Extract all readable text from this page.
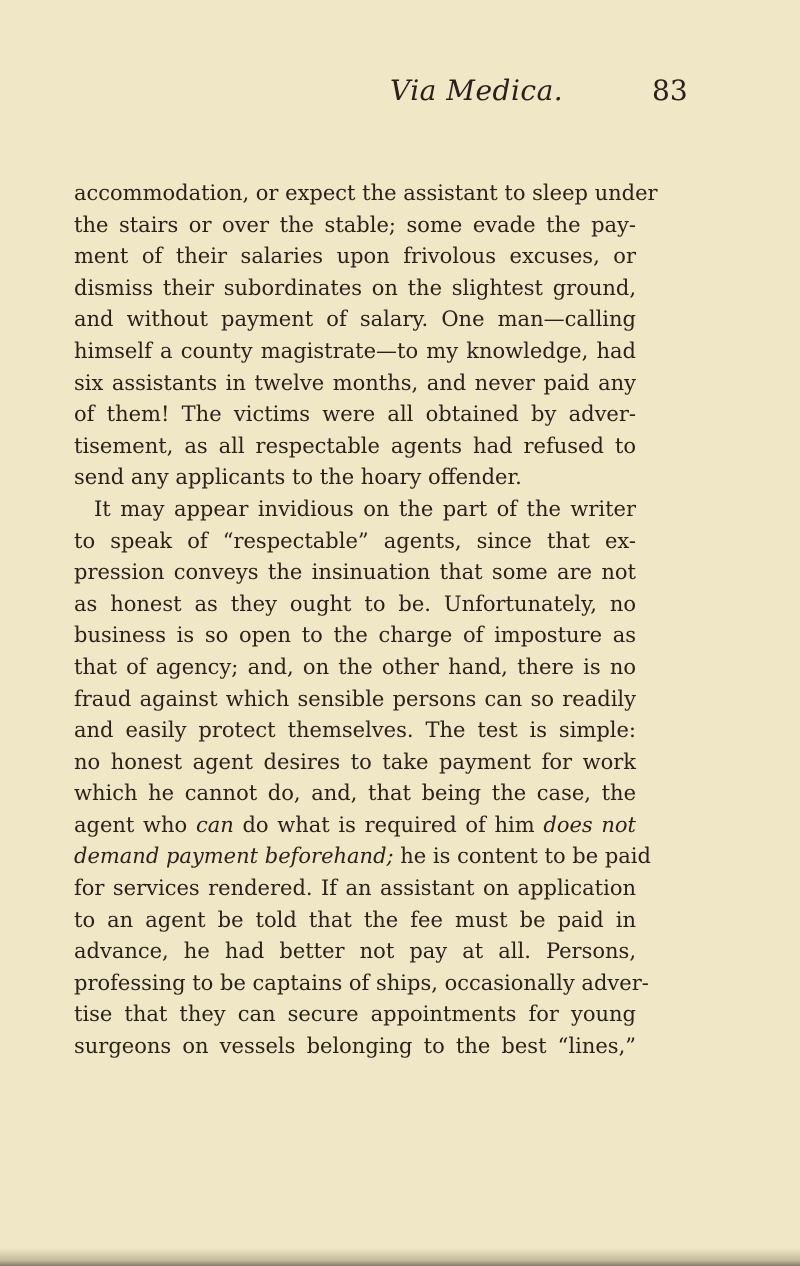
Via Medica.	83
accommodation, or expect the assistant to sleep under
the stairs or over the stable; some evade the pay-
ment of their salaries upon frivolous excuses, or
dismiss their subordinates on the slightest ground,
and without payment of salary. One man—calling
himself a county magistrate—to my knowledge, had
six assistants in twelve months, and never paid any
of them! The victims were all obtained by adver-
tisement, as all respectable agents had refused to
send any applicants to the hoary offender.
It may appear invidious on the part of the writer
to speak of “respectable” agents, since that ex-
pression conveys the insinuation that some are not
as honest as they ought to be. Unfortunately, no
business is so open to the charge of imposture as
that of agency; and, on the other hand, there is no
fraud against which sensible persons can so readily
and easily protect themselves. The test is simple:
no honest agent desires to take payment for work
which he cannot do, and, that being the case, the
agent who can do what is required of him does not
demand payment beforehand; he is content to be paid
for services rendered. If an assistant on application
to an agent be told that the fee must be paid in
advance, he had better not pay at all. Persons,
professing to be captains of ships, occasionally adver-
tise that they can secure appointments for young
surgeons on vessels belonging to the best “lines,”
